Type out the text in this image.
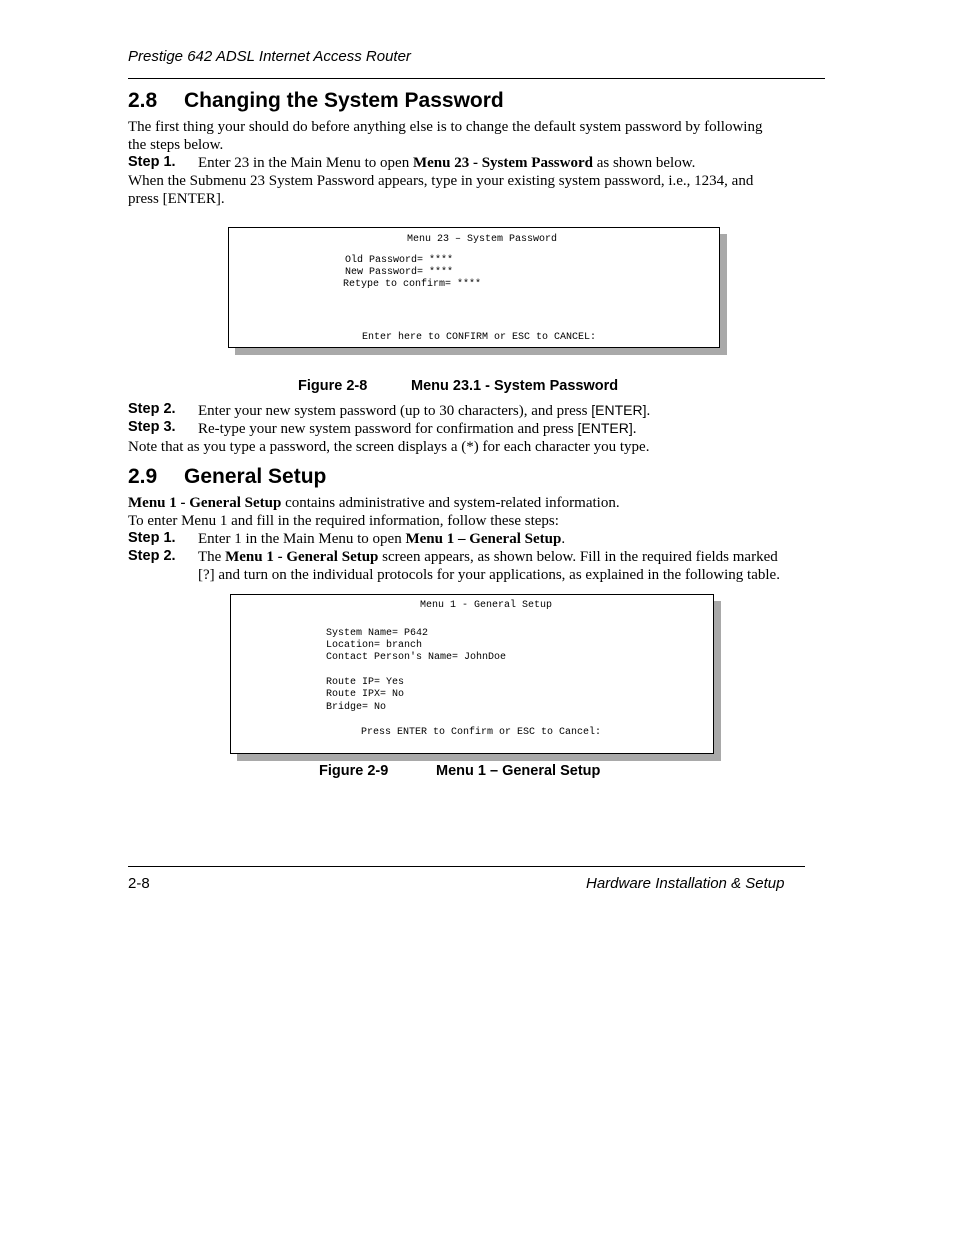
Prestige 642 ADSL Internet Access Router
2.8 Changing the System Password
The first thing your should do before anything else is to change the default system password by following
the steps below.
Step 1. Enter 23 in the Main Menu to open Menu 23 - System Password as shown below.
When the Submenu 23 System Password appears, type in your existing system password, i.e., 1234, and
press [ENTER].
Menu 23 – System Password
Old Password= ****
New Password= ****
Retype to confirm= ****
Enter here to CONFIRM or ESC to CANCEL:
Figure 2-8	Menu 23.1 - System Password
Step 2. Enter your new system password (up to 30 characters), and press [ENTER].
Step 3. Re-type your new system password for confirmation and press [ENTER].
Note that as you type a password, the screen displays a (*) for each character you type.
2.9 General Setup
Menu 1 - General Setup contains administrative and system-related information.
To enter Menu 1 and fill in the required information, follow these steps:
Step 1. Enter 1 in the Main Menu to open Menu 1 – General Setup.
Step 2. The Menu 1 - General Setup screen appears, as shown below. Fill in the required fields marked
[?] and turn on the individual protocols for your applications, as explained in the following table.
Menu 1 - General Setup
System Name= P642
Location= branch
Contact Person's Name= JohnDoe
Route IP= Yes
Route IPX= No
Bridge= No
Press ENTER to Confirm or ESC to Cancel:
Figure 2-9	Menu 1 – General Setup
2-8	Hardware Installation & Setup
